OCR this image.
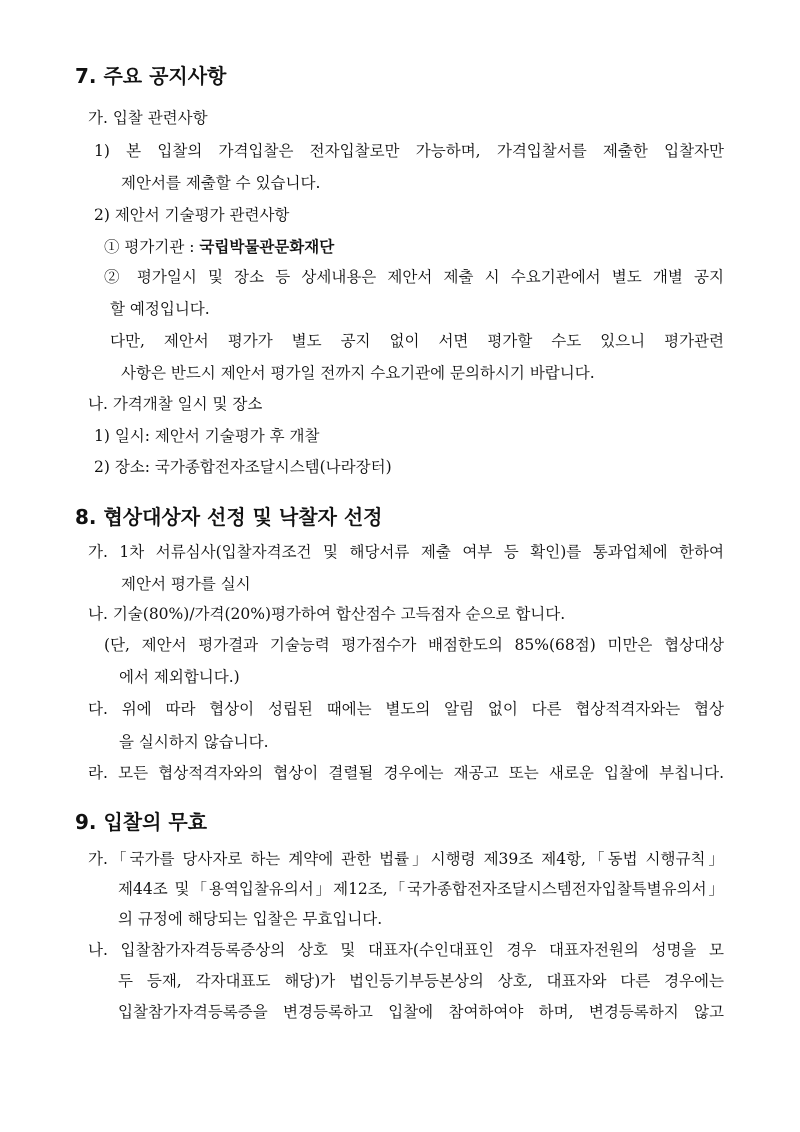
7. 주요 공지사항

가. 입찰 관련사항

1) 본 입찰의 가격입찰은 전자입찰로만 가능하며, 가격입찰서를 제출한 입찰자만

제안서를 제출할 수 있습니다.

2) 제안서 기술평가 관련사항

① 평가기관 : 국립박물관문화재단

② 평가일시 및 장소 등 상세내용은 제안서 제출 시 수요기관에서 별도 개별 공지

할 예정입니다.

다만, 제안서 평가가 별도 공지 없이 서면 평가할 수도 있으니 평가관련

사항은 반드시 제안서 평가일 전까지 수요기관에 문의하시기 바랍니다.

나. 가격개찰 일시 및 장소

1) 일시: 제안서 기술평가 후 개찰

2) 장소: 국가종합전자조달시스템(나라장터)

8. 협상대상자 선정 및 낙찰자 선정

가. 1차 서류심사(입찰자격조건 및 해당서류 제출 여부 등 확인)를 통과업체에 한하여

제안서 평가를 실시

나. 기술(80%)/가격(20%)평가하여 합산점수 고득점자 순으로 합니다.

(단, 제안서 평가결과 기술능력 평가점수가 배점한도의 85%(68점) 미만은 협상대상

에서 제외합니다.)

다. 위에 따라 협상이 성립된 때에는 별도의 알림 없이 다른 협상적격자와는 협상

을 실시하지 않습니다.

라. 모든 협상적격자와의 협상이 결렬될 경우에는 재공고 또는 새로운 입찰에 부칩니다.

9. 입찰의 무효

가.「국가를 당사자로 하는 계약에 관한 법률」시행령 제39조 제4항,「동법 시행규칙」

제44조 및「용역입찰유의서」제12조,「국가종합전자조달시스템전자입찰특별유의서」

의 규정에 해당되는 입찰은 무효입니다.

나. 입찰참가자격등록증상의 상호 및 대표자(수인대표인 경우 대표자전원의 성명을 모

두 등재, 각자대표도 해당)가 법인등기부등본상의 상호, 대표자와 다른 경우에는

입찰참가자격등록증을 변경등록하고 입찰에 참여하여야 하며, 변경등록하지 않고
